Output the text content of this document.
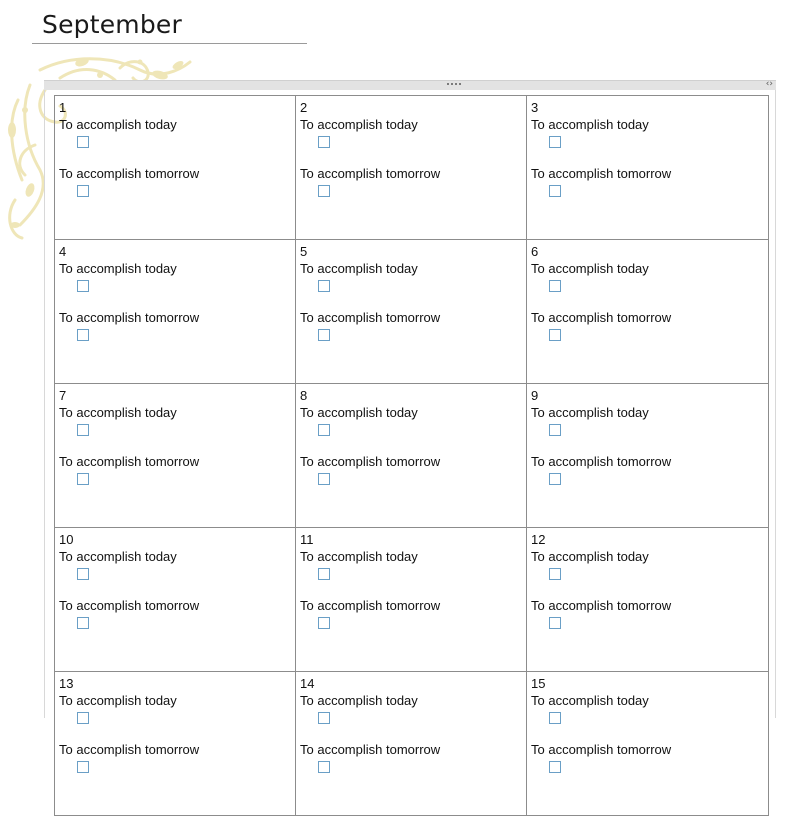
September
‹›
1
To accomplish today
To accomplish tomorrow
2
To accomplish today
To accomplish tomorrow
3
To accomplish today
To accomplish tomorrow
4
To accomplish today
To accomplish tomorrow
5
To accomplish today
To accomplish tomorrow
6
To accomplish today
To accomplish tomorrow
7
To accomplish today
To accomplish tomorrow
8
To accomplish today
To accomplish tomorrow
9
To accomplish today
To accomplish tomorrow
10
To accomplish today
To accomplish tomorrow
11
To accomplish today
To accomplish tomorrow
12
To accomplish today
To accomplish tomorrow
13
To accomplish today
To accomplish tomorrow
14
To accomplish today
To accomplish tomorrow
15
To accomplish today
To accomplish tomorrow
